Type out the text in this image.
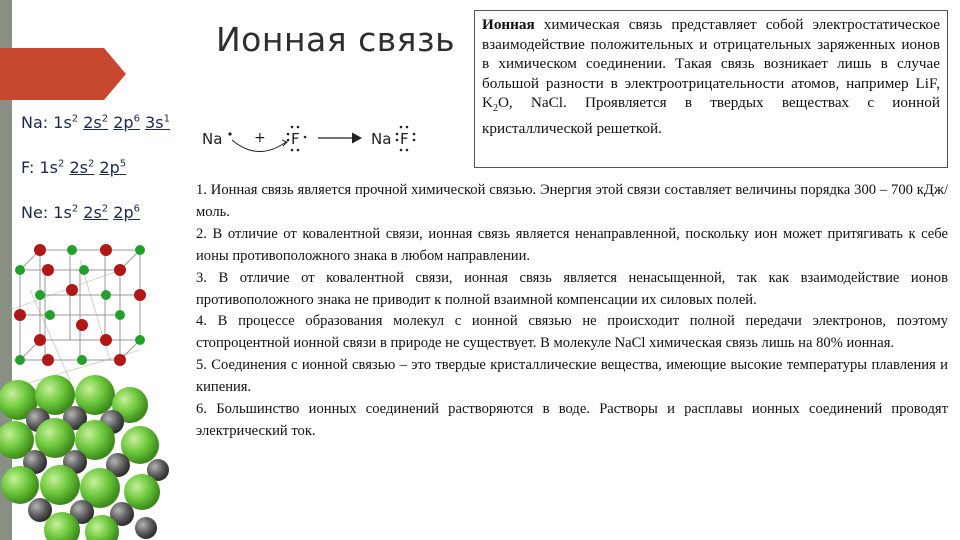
Ионная связь	Ионная химическая связь представляет собой электростатическое взаимодействие положительных и отрицательных заряженных ионов в химическом соединении. Такая связь возникает лишь в случае большой разности в электроотрицательности атомов, например LiF, $K_2O$, NaCl. Проявляется в твердых веществах с ионной кристаллической решеткой.
Na: $1s^2$ $2s^2$ $2p^6$ $3s^1$
F: $1s^2$ $2s^2$ $2p^5$
Ne: $1s^2$ $2s^2$ $2p^6$
Na + F	Na F

1. Ионная связь является прочной химической связью. Энергия этой связи составляет величины порядка 300 – 700 кДж/моль.

2. В отличие от ковалентной связи, ионная связь является ненаправленной, поскольку ион может притягивать к себе ионы противоположного знака в любом направлении.

3. В отличие от ковалентной связи, ионная связь является ненасыщенной, так как взаимодействие ионов противоположного знака не приводит к полной взаимной компенсации их силовых полей.

4. В процессе образования молекул с ионной связью не происходит полной передачи электронов, поэтому стопроцентной ионной связи в природе не существует. В молекуле NaCl химическая связь лишь на 80% ионная.

5. Соединения с ионной связью – это твердые кристаллические вещества, имеющие высокие температуры плавления и кипения.

6. Большинство ионных соединений растворяются в воде. Растворы и расплавы ионных соединений проводят электрический ток.
